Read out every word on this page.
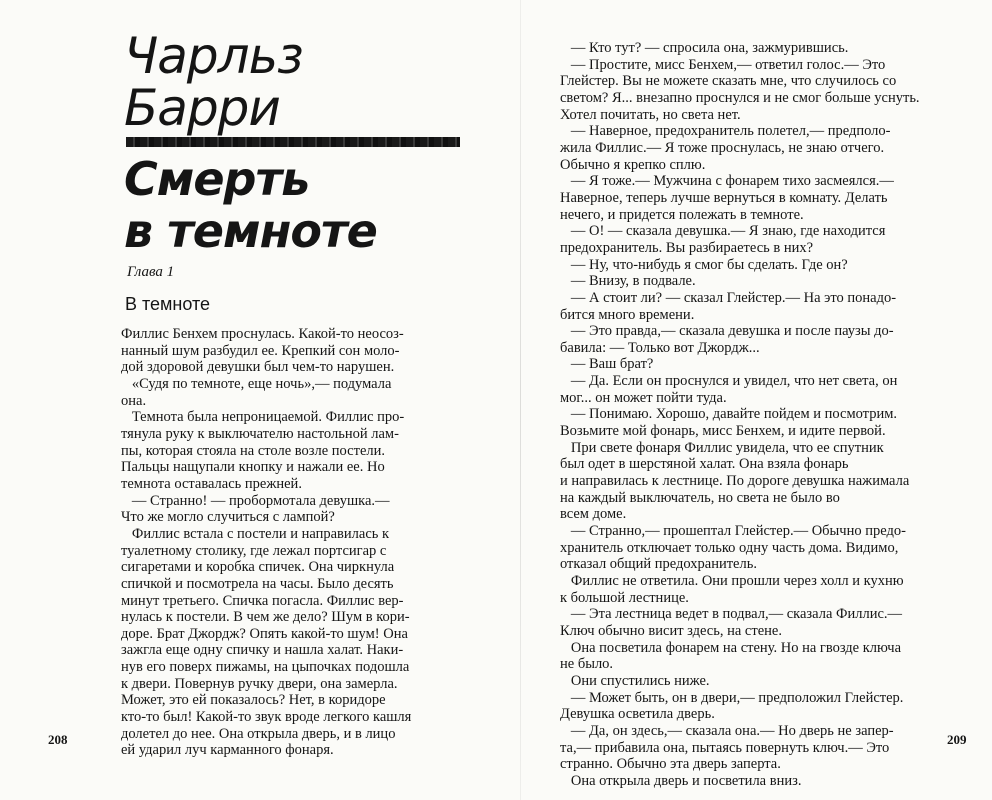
Чарльз
Барри
Смерть
в темноте
Глава 1
В темноте
Филлис Бенхем проснулась. Какой-то неосоз-
нанный шум разбудил ее. Крепкий сон моло-
дой здоровой девушки был чем-то нарушен.
«Судя по темноте, еще ночь»,— подумала
она.
Темнота была непроницаемой. Филлис про-
тянула руку к выключателю настольной лам-
пы, которая стояла на столе возле постели.
Пальцы нащупали кнопку и нажали ее. Но
темнота оставалась прежней.
— Странно! — пробормотала девушка.—
Что же могло случиться с лампой?
Филлис встала с постели и направилась к
туалетному столику, где лежал портсигар с
сигаретами и коробка спичек. Она чиркнула
спичкой и посмотрела на часы. Было десять
минут третьего. Спичка погасла. Филлис вер-
нулась к постели. В чем же дело? Шум в кори-
доре. Брат Джордж? Опять какой-то шум! Она
зажгла еще одну спичку и нашла халат. Наки-
нув его поверх пижамы, на цыпочках подошла
к двери. Повернув ручку двери, она замерла.
Может, это ей показалось? Нет, в коридоре
кто-то был! Какой-то звук вроде легкого кашля
долетел до нее. Она открыла дверь, и в лицо
ей ударил луч карманного фонаря.
208
— Кто тут? — спросила она, зажмурившись.
— Простите, мисс Бенхем,— ответил голос.— Это
Глейстер. Вы не можете сказать мне, что случилось со
светом? Я... внезапно проснулся и не смог больше уснуть.
Хотел почитать, но света нет.
— Наверное, предохранитель полетел,— предполо-
жила Филлис.— Я тоже проснулась, не знаю отчего.
Обычно я крепко сплю.
— Я тоже.— Мужчина с фонарем тихо засмеялся.—
Наверное, теперь лучше вернуться в комнату. Делать
нечего, и придется полежать в темноте.
— О! — сказала девушка.— Я знаю, где находится
предохранитель. Вы разбираетесь в них?
— Ну, что-нибудь я смог бы сделать. Где он?
— Внизу, в подвале.
— А стоит ли? — сказал Глейстер.— На это понадо-
бится много времени.
— Это правда,— сказала девушка и после паузы до-
бавила: — Только вот Джордж...
— Ваш брат?
— Да. Если он проснулся и увидел, что нет света, он
мог... он может пойти туда.
— Понимаю. Хорошо, давайте пойдем и посмотрим.
Возьмите мой фонарь, мисс Бенхем, и идите первой.
При свете фонаря Филлис увидела, что ее спутник
был одет в шерстяной халат. Она взяла фонарь
и направилась к лестнице. По дороге девушка нажимала
на каждый выключатель, но света не было во
всем доме.
— Странно,— прошептал Глейстер.— Обычно предо-
хранитель отключает только одну часть дома. Видимо,
отказал общий предохранитель.
Филлис не ответила. Они прошли через холл и кухню
к большой лестнице.
— Эта лестница ведет в подвал,— сказала Филлис.—
Ключ обычно висит здесь, на стене.
Она посветила фонарем на стену. Но на гвозде ключа
не было.
Они спустились ниже.
— Может быть, он в двери,— предположил Глейстер.
Девушка осветила дверь.
— Да, он здесь,— сказала она.— Но дверь не запер-
та,— прибавила она, пытаясь повернуть ключ.— Это
странно. Обычно эта дверь заперта.
Она открыла дверь и посветила вниз.
209
